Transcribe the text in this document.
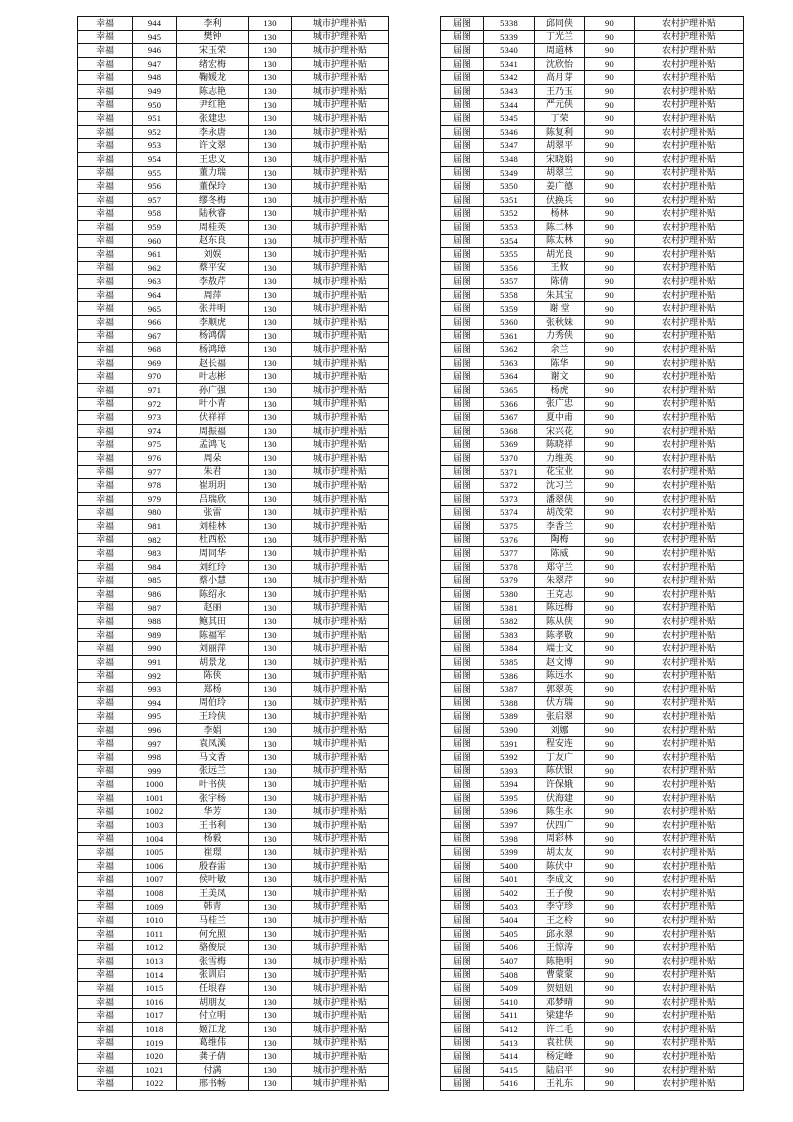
幸福	944	李利	130	城市护理补贴
幸福	945	樊钟	130	城市护理补贴
幸福	946	宋玉荣	130	城市护理补贴
幸福	947	绪宏梅	130	城市护理补贴
幸福	948	鞠媛龙	130	城市护理补贴
幸福	949	陈志艳	130	城市护理补贴
幸福	950	尹红艳	130	城市护理补贴
幸福	951	张建忠	130	城市护理补贴
幸福	952	李永唐	130	城市护理补贴
幸福	953	许文翠	130	城市护理补贴
幸福	954	王忠义	130	城市护理补贴
幸福	955	董力瑞	130	城市护理补贴
幸福	956	董保玲	130	城市护理补贴
幸福	957	缪冬梅	130	城市护理补贴
幸福	958	陆秋睿	130	城市护理补贴
幸福	959	周桂英	130	城市护理补贴
幸福	960	赵东良	130	城市护理补贴
幸福	961	刘娱	130	城市护理补贴
幸福	962	蔡平安	130	城市护理补贴
幸福	963	李敖芹	130	城市护理补贴
幸福	964	周萍	130	城市护理补贴
幸福	965	张井明	130	城市护理补贴
幸福	966	李顺虎	130	城市护理补贴
幸福	967	杨鸿儒	130	城市护理补贴
幸福	968	杨鸿璋	130	城市护理补贴
幸福	969	赵长福	130	城市护理补贴
幸福	970	叶志彬	130	城市护理补贴
幸福	971	孙广强	130	城市护理补贴
幸福	972	叶小青	130	城市护理补贴
幸福	973	伏祥祥	130	城市护理补贴
幸福	974	周振福	130	城市护理补贴
幸福	975	孟鸿飞	130	城市护理补贴
幸福	976	周朵	130	城市护理补贴
幸福	977	朱君	130	城市护理补贴
幸福	978	崔玥玥	130	城市护理补贴
幸福	979	吕瑞欣	130	城市护理补贴
幸福	980	张雷	130	城市护理补贴
幸福	981	刘桂林	130	城市护理补贴
幸福	982	杜西松	130	城市护理补贴
幸福	983	周同华	130	城市护理补贴
幸福	984	刘红玲	130	城市护理补贴
幸福	985	蔡小慧	130	城市护理补贴
幸福	986	陈绍永	130	城市护理补贴
幸福	987	赵丽	130	城市护理补贴
幸福	988	鲍其田	130	城市护理补贴
幸福	989	陈福军	130	城市护理补贴
幸福	990	刘丽萍	130	城市护理补贴
幸福	991	胡景龙	130	城市护理补贴
幸福	992	陈侠	130	城市护理补贴
幸福	993	郑杨	130	城市护理补贴
幸福	994	周伯玲	130	城市护理补贴
幸福	995	王玲侠	130	城市护理补贴
幸福	996	李娟	130	城市护理补贴
幸福	997	袁凤溪	130	城市护理补贴
幸福	998	马文香	130	城市护理补贴
幸福	999	张远兰	130	城市护理补贴
幸福	1000	叶书侠	130	城市护理补贴
幸福	1001	张宇杨	130	城市护理补贴
幸福	1002	华芳	130	城市护理补贴
幸福	1003	王书利	130	城市护理补贴
幸福	1004	杨毅	130	城市护理补贴
幸福	1005	崔璟	130	城市护理补贴
幸福	1006	殷春雷	130	城市护理补贴
幸福	1007	侯叶敏	130	城市护理补贴
幸福	1008	王美凤	130	城市护理补贴
幸福	1009	韩青	130	城市护理补贴
幸福	1010	马桂兰	130	城市护理补贴
幸福	1011	何允照	130	城市护理补贴
幸福	1012	骆俊辰	130	城市护理补贴
幸福	1013	张雪梅	130	城市护理补贴
幸福	1014	张训启	130	城市护理补贴
幸福	1015	任垠春	130	城市护理补贴
幸福	1016	胡朋友	130	城市护理补贴
幸福	1017	付立明	130	城市护理补贴
幸福	1018	姬江龙	130	城市护理补贴
幸福	1019	葛维伟	130	城市护理补贴
幸福	1020	龚子倩	130	城市护理补贴
幸福	1021	付满	130	城市护理补贴
幸福	1022	邢书畅	130	城市护理补贴
届图	5338	邱同侠	90	农村护理补贴
届图	5339	丁光兰	90	农村护理补贴
届图	5340	周道林	90	农村护理补贴
届图	5341	沈欣怡	90	农村护理补贴
届图	5342	高月芽	90	农村护理补贴
届图	5343	王乃玉	90	农村护理补贴
届图	5344	严元侠	90	农村护理补贴
届图	5345	丁荣	90	农村护理补贴
届图	5346	陈复利	90	农村护理补贴
届图	5347	胡翠平	90	农村护理补贴
届图	5348	宋晓娟	90	农村护理补贴
届图	5349	胡翠兰	90	农村护理补贴
届图	5350	姜广德	90	农村护理补贴
届图	5351	伏换兵	90	农村护理补贴
届图	5352	杨林	90	农村护理补贴
届图	5353	陈二林	90	农村护理补贴
届图	5354	陈太林	90	农村护理补贴
届图	5355	胡光良	90	农村护理补贴
届图	5356	王攸	90	农村护理补贴
届图	5357	陈倩	90	农村护理补贴
届图	5358	朱其宝	90	农村护理补贴
届图	5359	谢 堂	90	农村护理补贴
届图	5360	张秋妹	90	农村护理补贴
届图	5361	力秀侠	90	农村护理补贴
届图	5362	余兰	90	农村护理补贴
届图	5363	陈华	90	农村护理补贴
届图	5364	谢文	90	农村护理补贴
届图	5365	杨虎	90	农村护理补贴
届图	5366	张广忠	90	农村护理补贴
届图	5367	夏中甫	90	农村护理补贴
届图	5368	宋兴花	90	农村护理补贴
届图	5369	陈晓祥	90	农村护理补贴
届图	5370	力维英	90	农村护理补贴
届图	5371	花宝业	90	农村护理补贴
届图	5372	沈习兰	90	农村护理补贴
届图	5373	潘翠侠	90	农村护理补贴
届图	5374	胡茂荣	90	农村护理补贴
届图	5375	李香兰	90	农村护理补贴
届图	5376	陶梅	90	农村护理补贴
届图	5377	陈威	90	农村护理补贴
届图	5378	郑守兰	90	农村护理补贴
届图	5379	朱翠芹	90	农村护理补贴
届图	5380	王克志	90	农村护理补贴
届图	5381	陈远梅	90	农村护理补贴
届图	5382	陈从侠	90	农村护理补贴
届图	5383	陈孝敬	90	农村护理补贴
届图	5384	端士文	90	农村护理补贴
届图	5385	赵文博	90	农村护理补贴
届图	5386	陈远水	90	农村护理补贴
届图	5387	郭翠英	90	农村护理补贴
届图	5388	伏方瑞	90	农村护理补贴
届图	5389	张启翠	90	农村护理补贴
届图	5390	刘娜	90	农村护理补贴
届图	5391	程安连	90	农村护理补贴
届图	5392	丁友广	90	农村护理补贴
届图	5393	陈伏银	90	农村护理补贴
届图	5394	许保娥	90	农村护理补贴
届图	5395	伏海建	90	农村护理补贴
届图	5396	陈生永	90	农村护理补贴
届图	5397	伏四广	90	农村护理补贴
届图	5398	周彩林	90	农村护理补贴
届图	5399	胡太友	90	农村护理补贴
届图	5400	陈伏中	90	农村护理补贴
届图	5401	李成文	90	农村护理补贴
届图	5402	王子俊	90	农村护理补贴
届图	5403	李守珍	90	农村护理补贴
届图	5404	王之柃	90	农村护理补贴
届图	5405	邱永翠	90	农村护理补贴
届图	5406	王惊涛	90	农村护理补贴
届图	5407	陈艳明	90	农村护理补贴
届图	5408	曹蒙蒙	90	农村护理补贴
届图	5409	贺妞妞	90	农村护理补贴
届图	5410	邓梦晴	90	农村护理补贴
届图	5411	梁建华	90	农村护理补贴
届图	5412	许二毛	90	农村护理补贴
届图	5413	袁社侠	90	农村护理补贴
届图	5414	杨定峰	90	农村护理补贴
届图	5415	陆启平	90	农村护理补贴
届图	5416	王礼东	90	农村护理补贴
